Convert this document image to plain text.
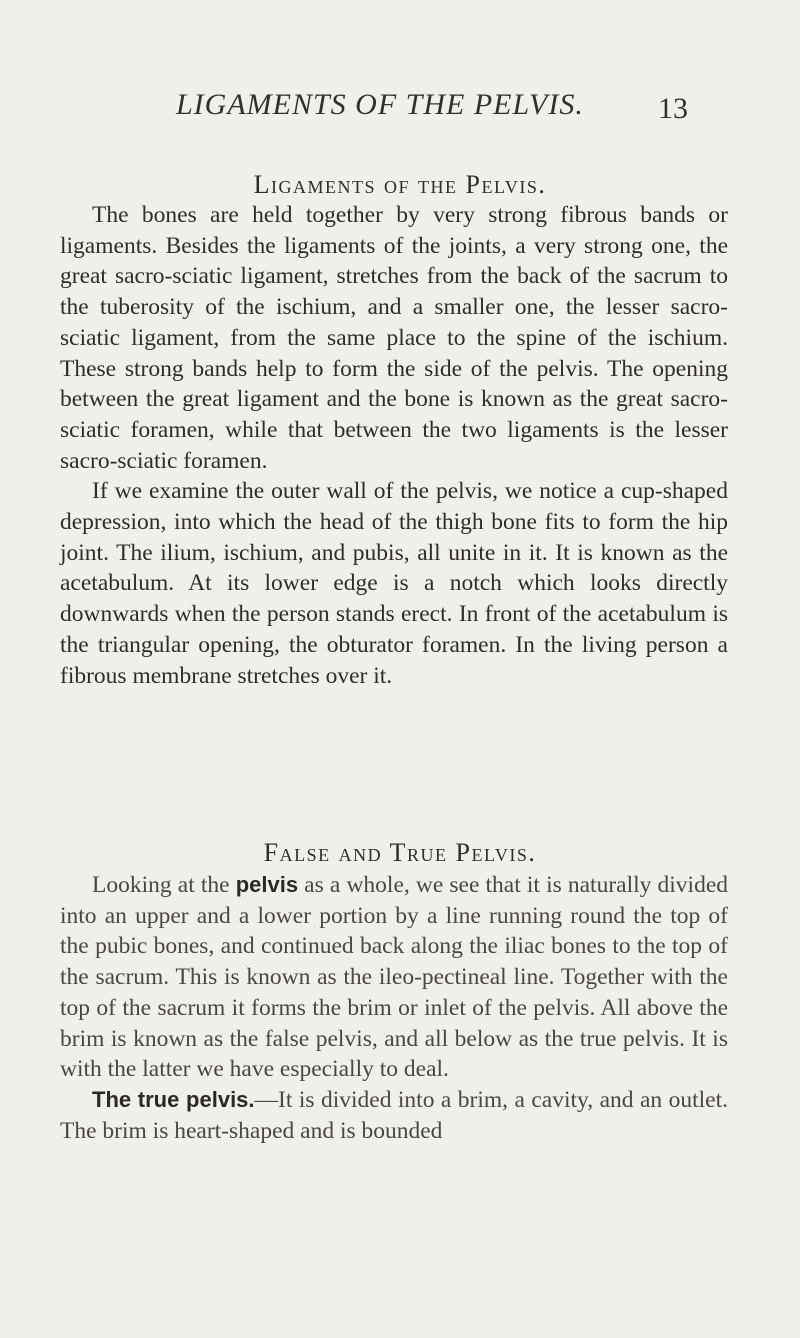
LIGAMENTS OF THE PELVIS. 13
Ligaments of the Pelvis.

The bones are held together by very strong fibrous bands or ligaments. Besides the ligaments of the joints, a very strong one, the great sacro-sciatic ligament, stretches from the back of the sacrum to the tuberosity of the ischium, and a smaller one, the lesser sacro-sciatic ligament, from the same place to the spine of the ischium. These strong bands help to form the side of the pelvis. The opening between the great ligament and the bone is known as the great sacro-sciatic foramen, while that between the two ligaments is the lesser sacro-sciatic foramen.

If we examine the outer wall of the pelvis, we notice a cup-shaped depression, into which the head of the thigh bone fits to form the hip joint. The ilium, ischium, and pubis, all unite in it. It is known as the acetabulum. At its lower edge is a notch which looks directly downwards when the person stands erect. In front of the acetabulum is the triangular opening, the obturator foramen. In the living person a fibrous membrane stretches over it.

False and True Pelvis.

Looking at the pelvis as a whole, we see that it is naturally divided into an upper and a lower portion by a line running round the top of the pubic bones, and continued back along the iliac bones to the top of the sacrum. This is known as the ileo-pectineal line. Together with the top of the sacrum it forms the brim or inlet of the pelvis. All above the brim is known as the false pelvis, and all below as the true pelvis. It is with the latter we have especially to deal.

The true pelvis.—It is divided into a brim, a cavity, and an outlet. The brim is heart-shaped and is bounded
